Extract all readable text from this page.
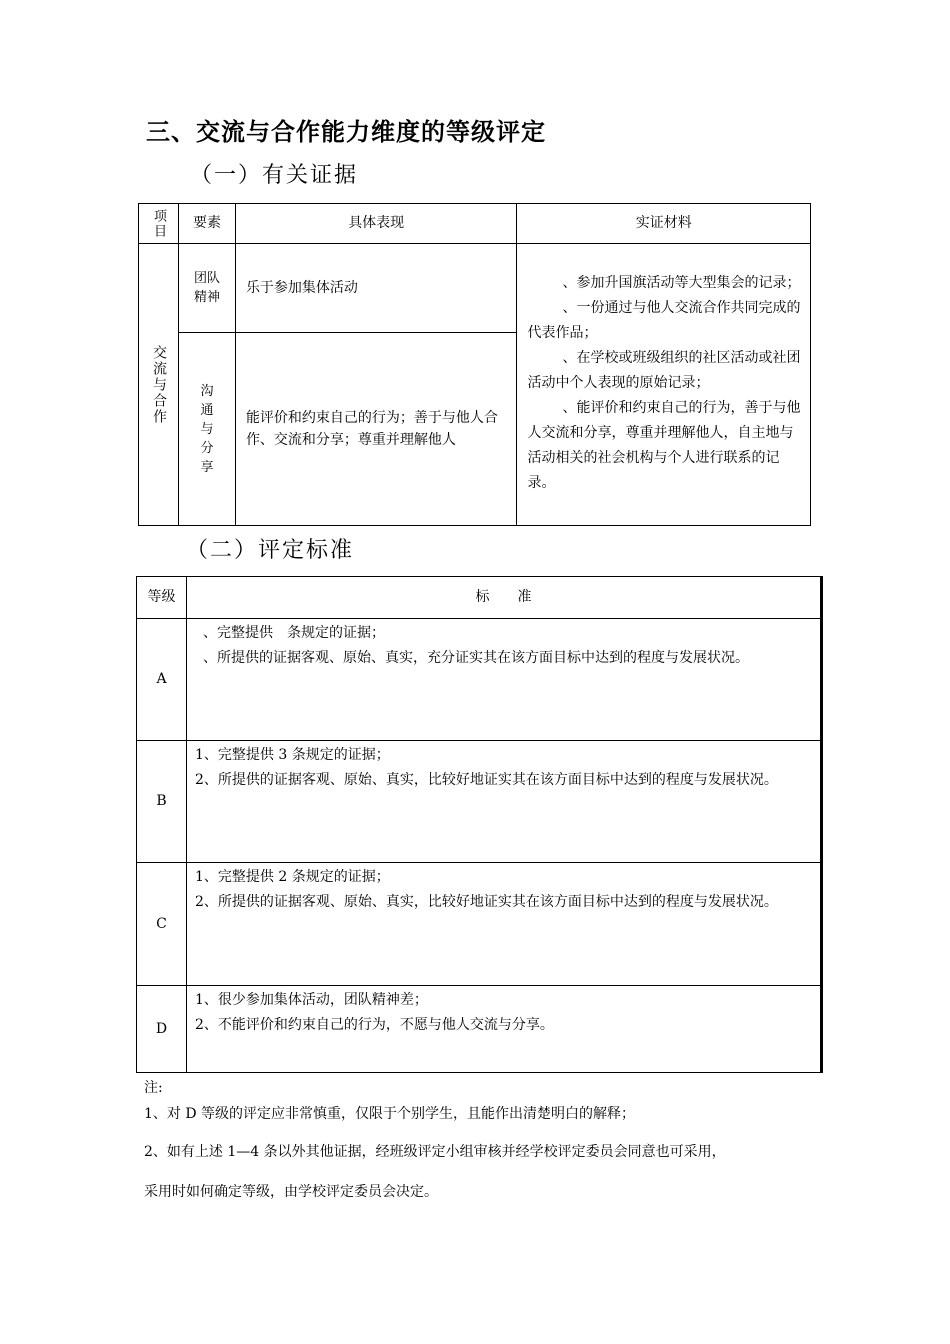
三、交流与合作能力维度的等级评定
（一）有关证据
项目	要素	具体表现	实证材料

交流与合作	团队精神	乐于参加集体活动	、参加升国旗活动等大型集会的记录；

、一份通过与他人交流合作共同完成的代表作品；

、在学校或班级组织的社区活动或社团活动中个人表现的原始记录；

、能评价和约束自己的行为，善于与他人交流和分享，尊重并理解他人，自主地与活动相关的社会机构与个人进行联系的记录。

	沟通与分享	能评价和约束自己的行为；善于与他人合作、交流和分享；尊重并理解他人	
（二）评定标准
等级	标　　准
A	、完整提供　条规定的证据；
、所提供的证据客观、原始、真实，充分证实其在该方面目标中达到的程度与发展状况。

B	1、完整提供 3 条规定的证据；
2、所提供的证据客观、原始、真实，比较好地证实其在该方面目标中达到的程度与发展状况。

C	1、完整提供 2 条规定的证据；
2、所提供的证据客观、原始、真实，比较好地证实其在该方面目标中达到的程度与发展状况。

D	1、很少参加集体活动，团队精神差；
2、不能评价和约束自己的行为，不愿与他人交流与分享。
注:
1、对 D 等级的评定应非常慎重，仅限于个别学生，且能作出清楚明白的解释；
2、如有上述 1—4 条以外其他证据，经班级评定小组审核并经学校评定委员会同意也可采用，
采用时如何确定等级，由学校评定委员会决定。
